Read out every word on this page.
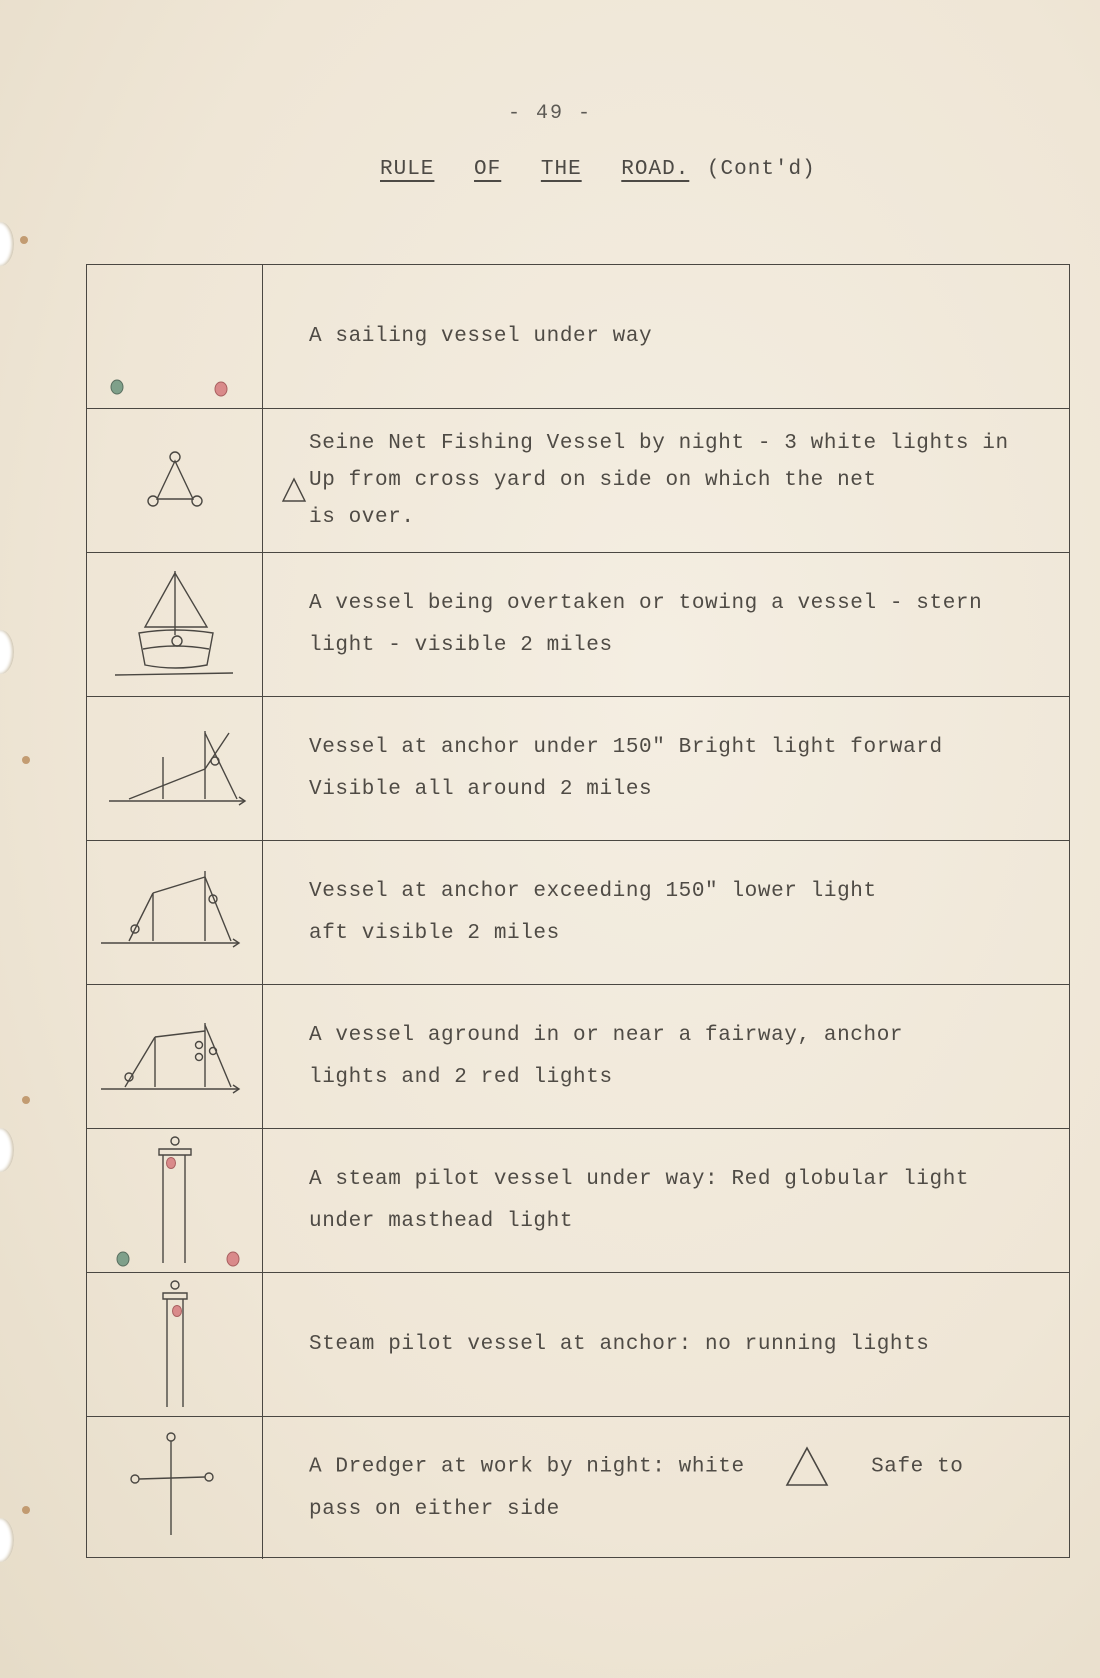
- 49 -
RULE OF THE ROAD. (Cont'd)
A sailing vessel under way
Seine Net Fishing Vessel by night - 3 white lights in
Up from cross yard on side on which the net
is over.
A vessel being overtaken or towing a vessel - stern
light - visible 2 miles
Vessel at anchor under 150" Bright light forward
Visible all around 2 miles
Vessel at anchor exceeding 150" lower light
aft visible 2 miles
A vessel aground in or near a fairway, anchor
lights and 2 red lights
A steam pilot vessel under way: Red globular light
under masthead light
Steam pilot vessel at anchor: no running lights
A Dredger at work by night: white	Safe to
pass on either side
